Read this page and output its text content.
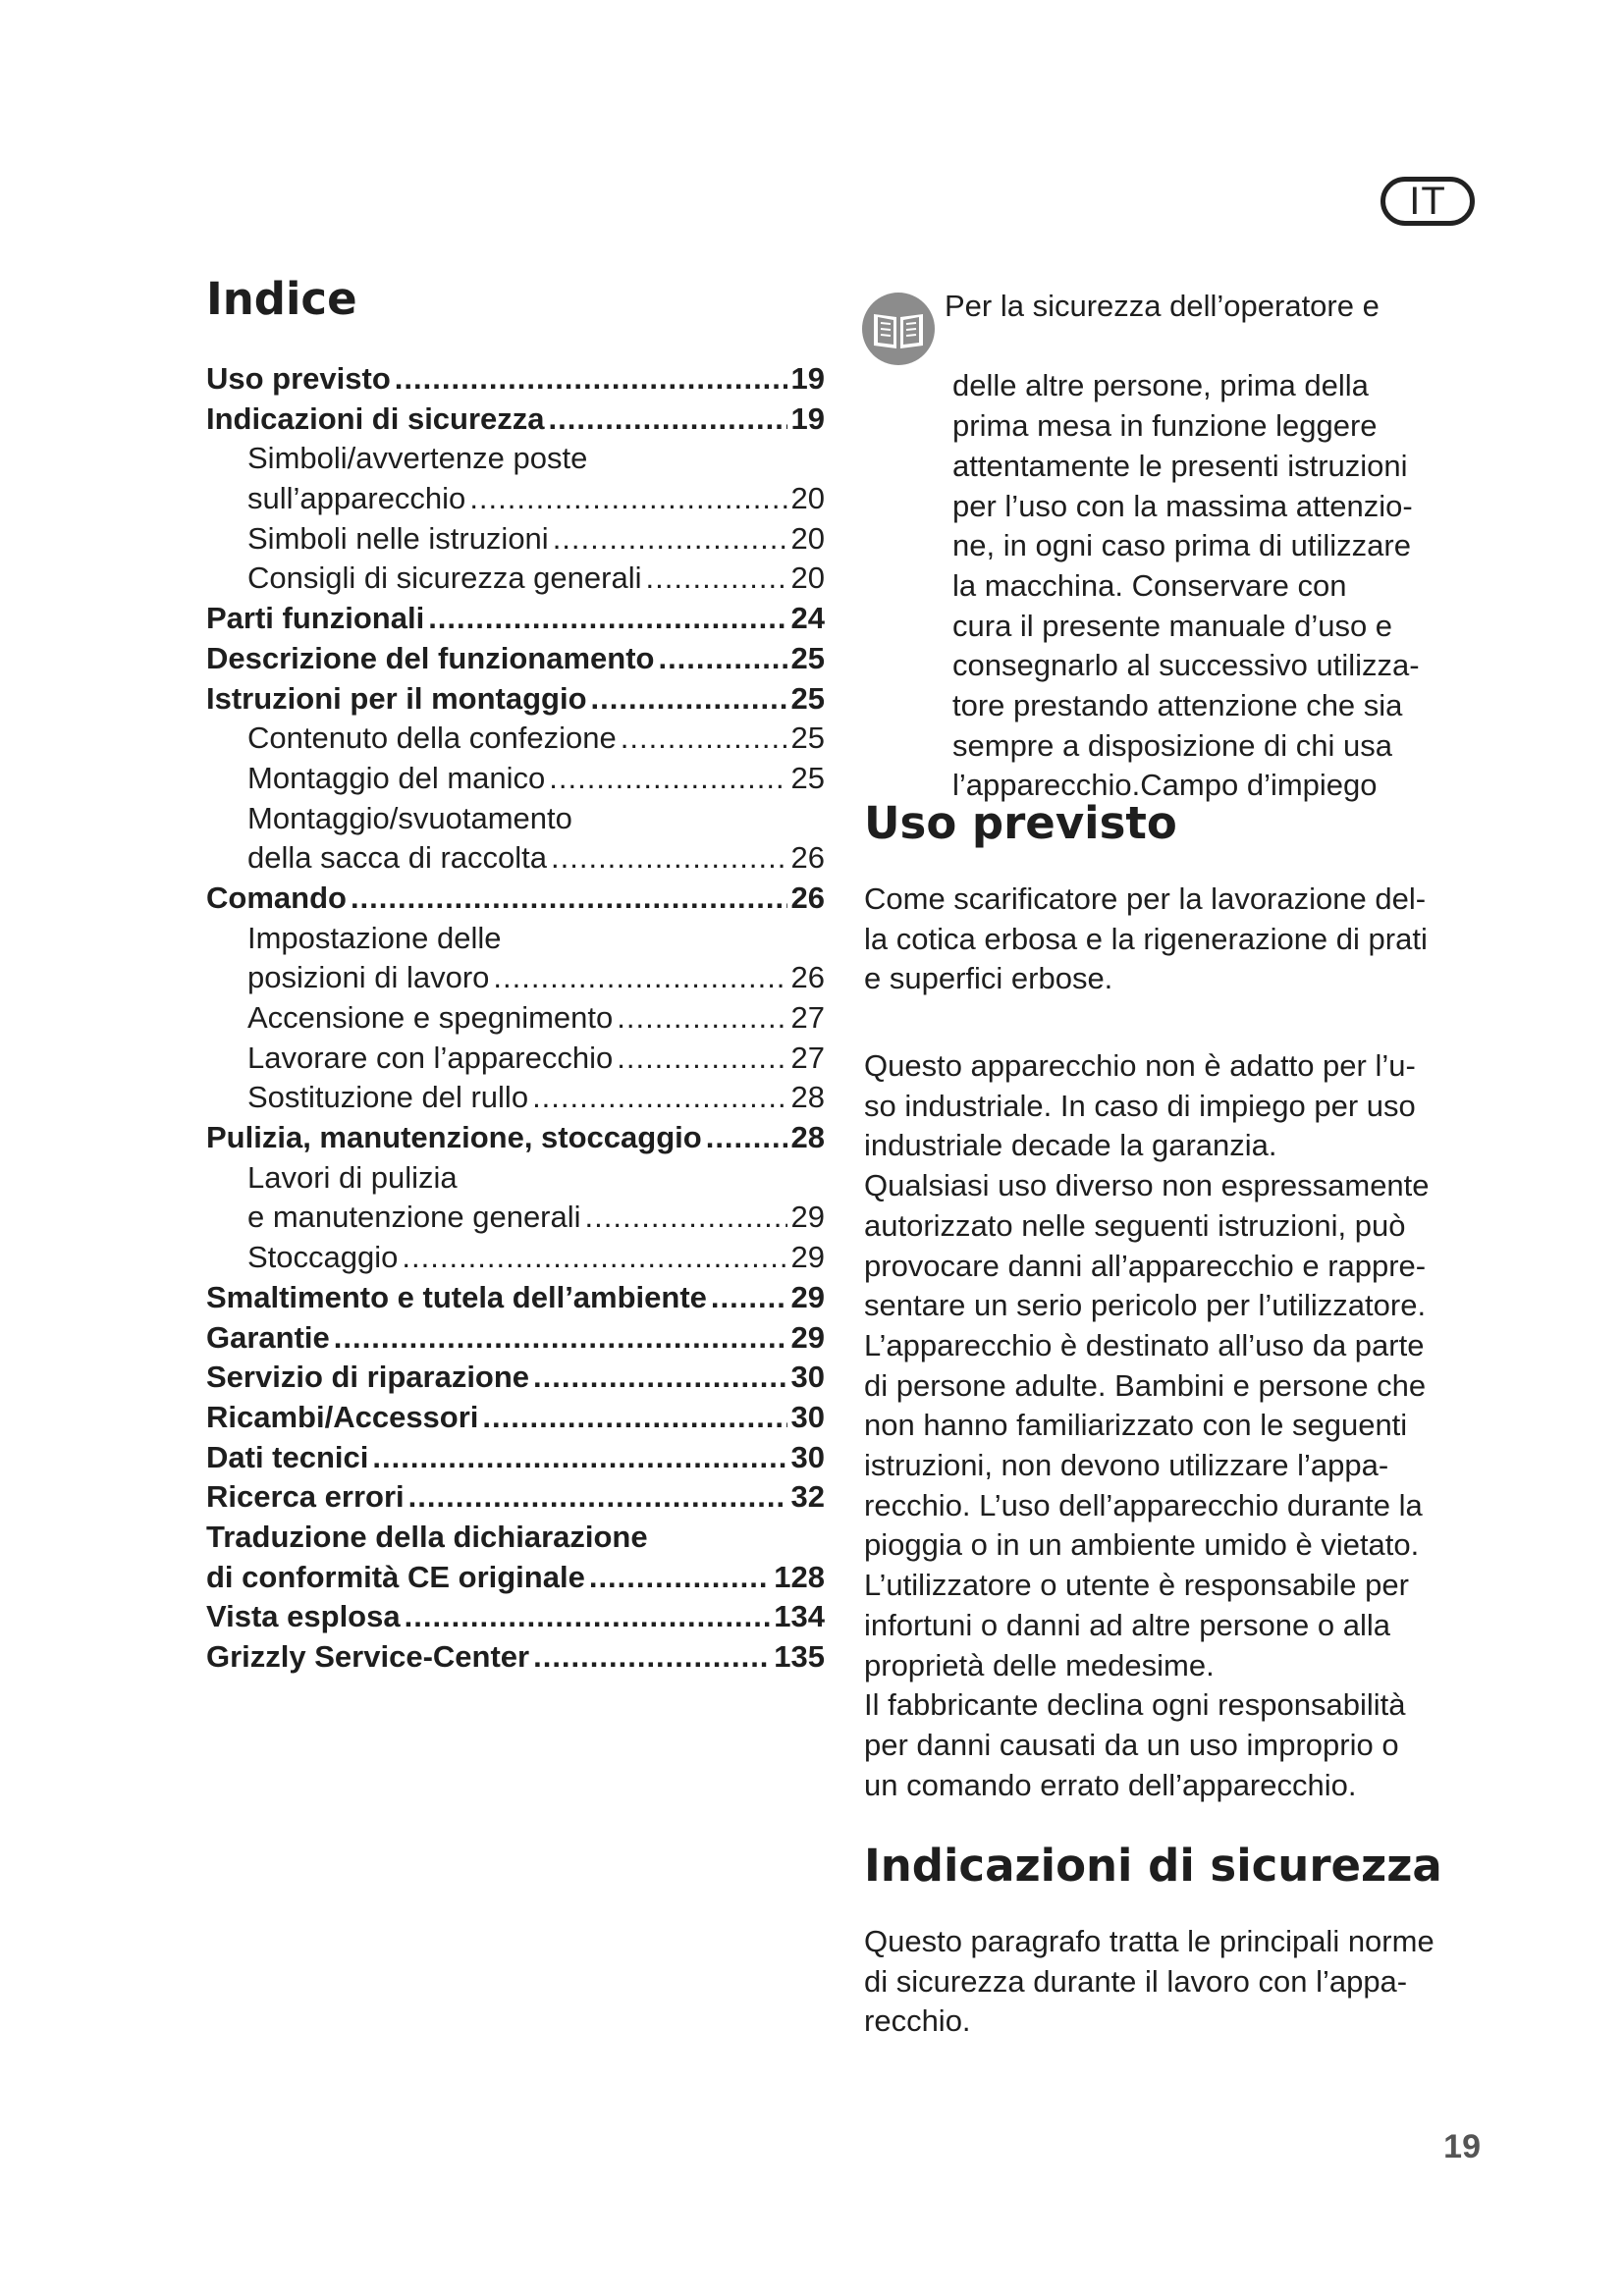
IT
Indice
Uso previsto .....	19
Indicazioni di sicurezza .....	19
Simboli/avvertenze poste
sull’apparecchio .....	20
Simboli nelle istruzioni .....	20
Consigli di sicurezza generali .....	20
Parti funzionali .....	24
Descrizione del funzionamento .....	25
Istruzioni per il montaggio .....	25
Contenuto della confezione .....	25
Montaggio del manico .....	25
Montaggio/svuotamento
della sacca di raccolta .....	26
Comando .....	26
Impostazione delle
posizioni di lavoro .....	26
Accensione e spegnimento .....	27
Lavorare con l’apparecchio .....	27
Sostituzione del rullo .....	28
Pulizia, manutenzione, stoccaggio .....	28
Lavori di pulizia
e manutenzione generali .....	29
Stoccaggio .....	29
Smaltimento e tutela dell’ambiente .....	29
Garantie .....	29
Servizio di riparazione .....	30
Ricambi/Accessori .....	30
Dati tecnici .....	30
Ricerca errori .....	32
Traduzione della dichiarazione
di conformità CE originale .....	128
Vista esplosa .....	134
Grizzly Service-Center .....	135
Per la sicurezza dell’operatore e

delle altre persone, prima della
prima mesa in funzione leggere
attentamente le presenti istruzioni
per l’uso con la massima attenzio-
ne, in ogni caso prima di utilizzare
la macchina. Conservare con
cura il presente manuale d’uso e
consegnarlo al successivo utilizza-
tore prestando attenzione che sia
sempre a disposizione di chi usa
l’apparecchio.Campo d’impiego
Uso previsto
Come scarificatore per la lavorazione del-
la cotica erbosa e la rigenerazione di prati
e superfici erbose.
Questo apparecchio non è adatto per l’u-
so industriale. In caso di impiego per uso
industriale decade la garanzia.
Qualsiasi uso diverso non espressamente
autorizzato nelle seguenti istruzioni, può
provocare danni all’apparecchio e rappre-
sentare un serio pericolo per l’utilizzatore.
L’apparecchio è destinato all’uso da parte
di persone adulte. Bambini e persone che
non hanno familiarizzato con le seguenti
istruzioni, non devono utilizzare l’appa-
recchio. L’uso dell’apparecchio durante la
pioggia o in un ambiente umido è vietato.
L’utilizzatore o utente è responsabile per
infortuni o danni ad altre persone o alla
proprietà delle medesime.
Il fabbricante declina ogni responsabilità
per danni causati da un uso improprio o
un comando errato dell’apparecchio.
Indicazioni di sicurezza
Questo paragrafo tratta le principali norme
di sicurezza durante il lavoro con l’appa-
recchio.
19
